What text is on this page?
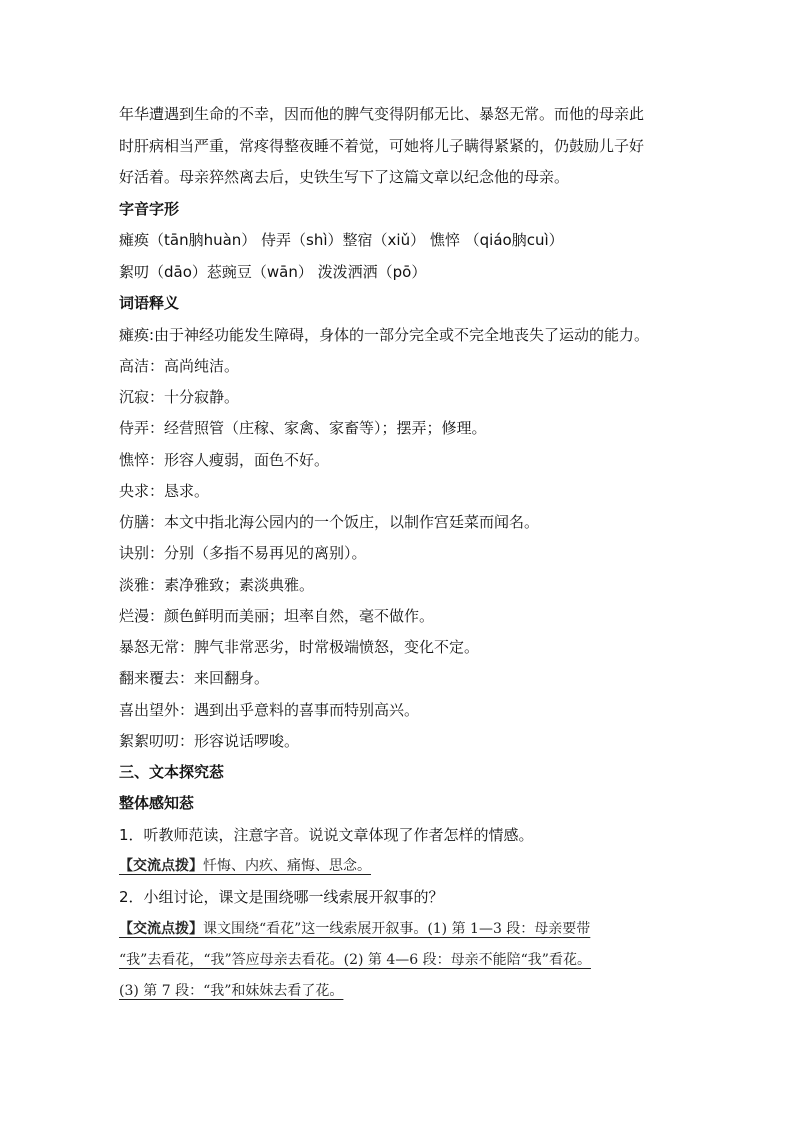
年华遭遇到生命的不幸，因而他的脾气变得阴郁无比、暴怒无常。而他的母亲此
时肝病相当严重，常疼得整夜睡不着觉，可她将儿子瞒得紧紧的，仍鼓励儿子好
好活着。母亲猝然离去后，史铁生写下了这篇文章以纪念他的母亲。
字音字形
瘫痪（tān朒huàn） 侍弄（shì）整宿（xiǔ） 憔悴 （qiáo朒cuì）
絮叨（dāo）䓗豌豆（wān） 泼泼洒洒（pō）
词语释义
瘫痪:由于神经功能发生障碍，身体的一部分完全或不完全地丧失了运动的能力。
高洁：高尚纯洁。
沉寂：十分寂静。
侍弄：经营照管（庄稼、家禽、家畜等）；摆弄；修理。
憔悴：形容人瘦弱，面色不好。
央求：恳求。
仿膳：本文中指北海公园内的一个饭庄，以制作宫廷菜而闻名。
诀别：分别（多指不易再见的离别）。
淡雅：素净雅致；素淡典雅。
烂漫：颜色鲜明而美丽；坦率自然，毫不做作。
暴怒无常：脾气非常恶劣，时常极端愤怒，变化不定。
翻来覆去：来回翻身。
喜出望外：遇到出乎意料的喜事而特别高兴。
絮絮叨叨：形容说话啰唆。
三、文本探究䓗
整体感知䓗
1．听教师范读，注意字音。说说文章体现了作者怎样的情感。
【交流点拨】忏悔、内疚、痛悔、思念。
2．小组讨论，课文是围绕哪一线索展开叙事的？
【交流点拨】课文围绕“看花”这一线索展开叙事。(1) 第 1—3 段：母亲要带
“我”去看花，“我”答应母亲去看花。(2) 第 4—6 段：母亲不能陪“我”看花。
(3) 第 7 段：“我”和妹妹去看了花。
